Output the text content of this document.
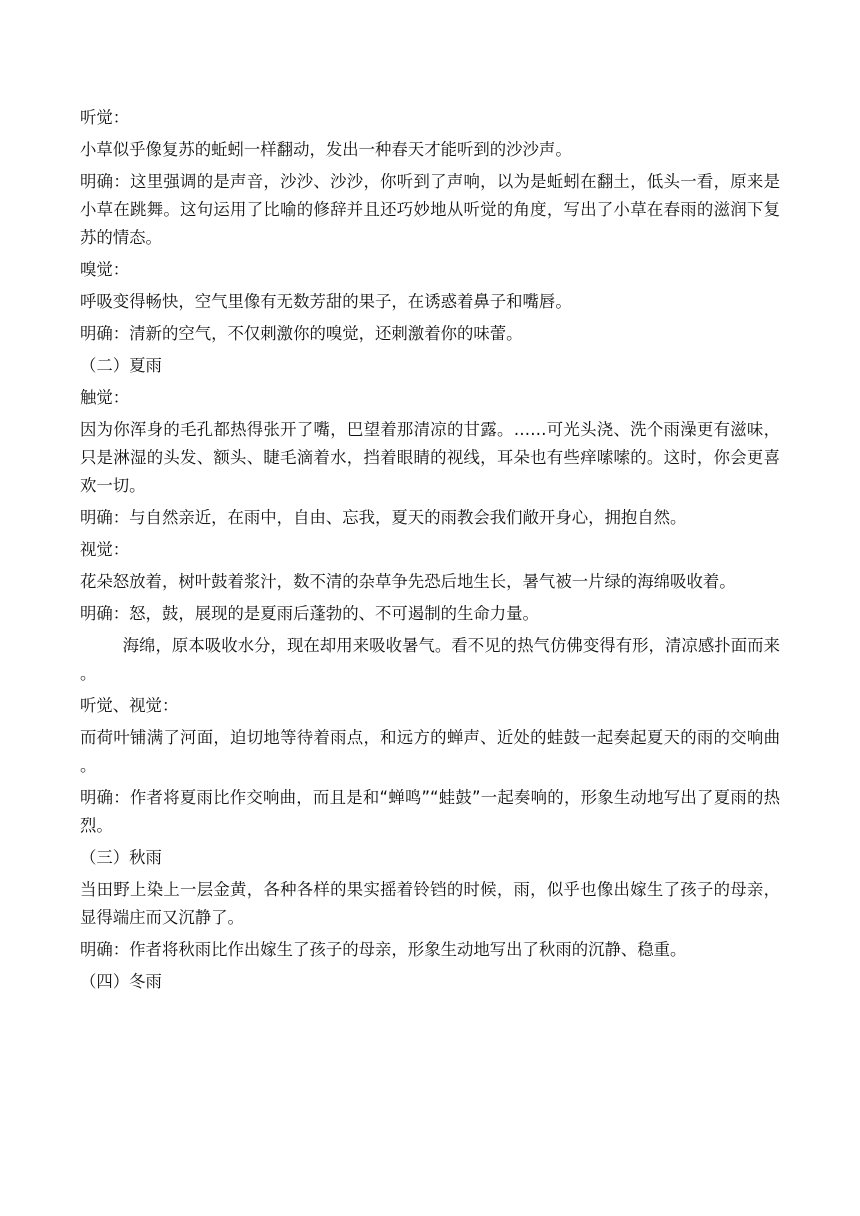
听觉：

小草似乎像复苏的蚯蚓一样翻动，发出一种春天才能听到的沙沙声。

明确：这里强调的是声音，沙沙、沙沙，你听到了声响，以为是蚯蚓在翻土，低头一看，原来是小草在跳舞。这句运用了比喻的修辞并且还巧妙地从听觉的角度，写出了小草在春雨的滋润下复苏的情态。

嗅觉：

呼吸变得畅快，空气里像有无数芳甜的果子，在诱惑着鼻子和嘴唇。

明确：清新的空气，不仅刺激你的嗅觉，还刺激着你的味蕾。

（二）夏雨

触觉：

因为你浑身的毛孔都热得张开了嘴，巴望着那清凉的甘露。……可光头浇、洗个雨澡更有滋味，只是淋湿的头发、额头、睫毛滴着水，挡着眼睛的视线，耳朵也有些痒嗦嗦的。这时，你会更喜欢一切。

明确：与自然亲近，在雨中，自由、忘我，夏天的雨教会我们敞开身心，拥抱自然。

视觉：

花朵怒放着，树叶鼓着浆汁，数不清的杂草争先恐后地生长，暑气被一片绿的海绵吸收着。

明确：怒，鼓，展现的是夏雨后蓬勃的、不可遏制的生命力量。

海绵，原本吸收水分，现在却用来吸收暑气。看不见的热气仿佛变得有形，清凉感扑面而来。

听觉、视觉：

而荷叶铺满了河面，迫切地等待着雨点，和远方的蝉声、近处的蛙鼓一起奏起夏天的雨的交响曲。

明确：作者将夏雨比作交响曲，而且是和“蝉鸣”“蛙鼓”一起奏响的，形象生动地写出了夏雨的热烈。

（三）秋雨

当田野上染上一层金黄，各种各样的果实摇着铃铛的时候，雨，似乎也像出嫁生了孩子的母亲，显得端庄而又沉静了。

明确：作者将秋雨比作出嫁生了孩子的母亲，形象生动地写出了秋雨的沉静、稳重。

（四）冬雨
